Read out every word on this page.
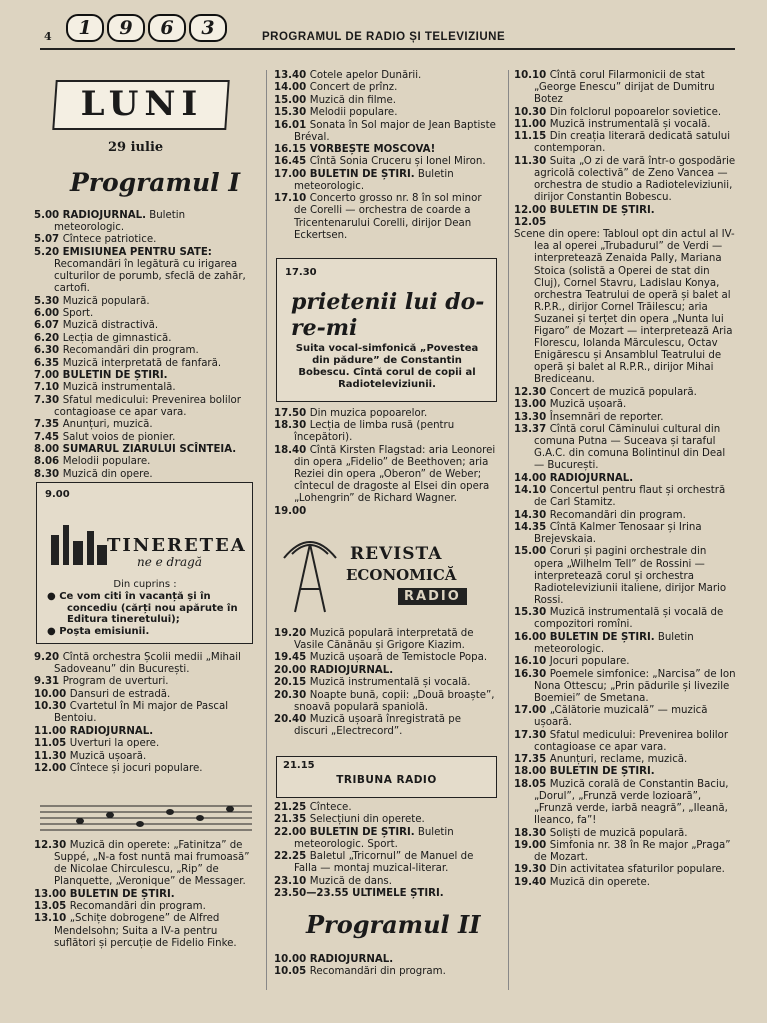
4	1	9	6	3	PROGRAMUL DE RADIO ȘI TELEVIZIUNE
LUNI
29 iulie
Programul I

5.00 RADIOJURNAL. Buletin meteorologic.

5.07 Cîntece patriotice.

5.20 EMISIUNEA PENTRU SATE: Recomandări în legătură cu irigarea culturilor de porumb, sfeclă de zahăr, cartofi.

5.30 Muzică populară.

6.00 Sport.

6.07 Muzică distractivă.

6.20 Lecția de gimnastică.

6.30 Recomandări din program.

6.35 Muzică interpretată de fanfară.

7.00 BULETIN DE ȘTIRI.

7.10 Muzică instrumentală.

7.30 Sfatul medicului: Prevenirea bolilor contagioase ce apar vara.

7.35 Anunțuri, muzică.

7.45 Salut voios de pionier.

8.00 SUMARUL ZIARULUI SCÎNTEIA.

8.06 Melodii populare.

8.30 Muzică din opere.

9.00
TINERETEA
ne e dragă
Din cuprins :
● Ce vom citi în vacanță și în concediu (cărți nou apărute în Editura tineretului);
● Poșta emisiunii.

9.20 Cîntă orchestra Școlii medii „Mihail Sadoveanu” din București.

9.31 Program de uverturi.

10.00 Dansuri de estradă.

10.30 Cvartetul în Mi major de Pascal Bentoiu.

11.00 RADIOJURNAL.

11.05 Uverturi la opere.

11.30 Muzică ușoară.

12.00 Cîntece și jocuri populare.

12.30 Muzică din operete: „Fatinitza” de Suppé, „N-a fost nuntă mai frumoasă” de Nicolae Chirculescu, „Rip” de Planquette, „Veronique” de Messager.

13.00 BULETIN DE ȘTIRI.

13.05 Recomandări din program.

13.10 „Schițe dobrogene” de Alfred Mendelsohn; Suita a IV-a pentru suflători și percuție de Fidelio Finke.

13.40 Cotele apelor Dunării.

14.00 Concert de prînz.

15.00 Muzică din filme.

15.30 Melodii populare.

16.01 Sonata în Sol major de Jean Baptiste Bréval.

16.15 VORBEȘTE MOSCOVA!

16.45 Cîntă Sonia Cruceru și Ionel Miron.

17.00 BULETIN DE ȘTIRI. Buletin meteorologic.

17.10 Concerto grosso nr. 8 în sol minor de Corelli — orchestra de coarde a Tricentenarului Corelli, dirijor Dean Eckertsen.

17.30
prietenii lui do-re-mi
Suita vocal-simfonică „Povestea din pădure” de Constantin Bobescu. Cîntă corul de copii al Radioteleviziunii.

17.50 Din muzica popoarelor.

18.30 Lecția de limba rusă (pentru începători).

18.40 Cîntă Kirsten Flagstad: aria Leonorei din opera „Fidelio” de Beethoven; aria Reziei din opera „Oberon” de Weber; cîntecul de dragoste al Elsei din opera „Lohengrin” de Richard Wagner.

19.00

REVISTA
ECONOMICĂ
RADIO

19.20 Muzică populară interpretată de Vasile Cănănău și Grigore Kiazim.

19.45 Muzică ușoară de Temistocle Popa.

20.00 RADIOJURNAL.

20.15 Muzică instrumentală și vocală.

20.30 Noapte bună, copii: „Două broaște”, snoavă populară spaniolă.

20.40 Muzică ușoară înregistrată pe discuri „Electrecord”.

21.15
TRIBUNA RADIO

21.25 Cîntece.

21.35 Selecțiuni din operete.

22.00 BULETIN DE ȘTIRI. Buletin meteorologic. Sport.

22.25 Baletul „Tricornul” de Manuel de Falla — montaj muzical-literar.

23.10 Muzică de dans.

23.50—23.55 ULTIMELE ȘTIRI.

Programul II

10.00 RADIOJURNAL.

10.05 Recomandări din program.

10.10 Cîntă corul Filarmonicii de stat „George Enescu” dirijat de Dumitru Botez

10.30 Din folclorul popoarelor sovietice.

11.00 Muzică instrumentală și vocală.

11.15 Din creația literară dedicată satului contemporan.

11.30 Suita „O zi de vară într-o gospodărie agricolă colectivă” de Zeno Vancea — orchestra de studio a Radioteleviziunii, dirijor Constantin Bobescu.

12.00 BULETIN DE ȘTIRI.

12.05

Scene din opere: Tabloul opt din actul al IV-lea al operei „Trubadurul” de Verdi — interpretează Zenaida Pally, Mariana Stoica (solistă a Operei de stat din Cluj), Cornel Stavru, Ladislau Konya, orchestra Teatrului de operă și balet al R.P.R., dirijor Cornel Trăilescu; aria Suzanei și terțet din opera „Nunta lui Figaro” de Mozart — interpretează Aria Florescu, Iolanda Mărculescu, Octav Enigărescu și Ansamblul Teatrului de operă și balet al R.P.R., dirijor Mihai Brediceanu.

12.30 Concert de muzică populară.

13.00 Muzică ușoară.

13.30 Însemnări de reporter.

13.37 Cîntă corul Căminului cultural din comuna Putna — Suceava și taraful G.A.C. din comuna Bolintinul din Deal — București.

14.00 RADIOJURNAL.

14.10 Concertul pentru flaut și orchestră de Carl Stamitz.

14.30 Recomandări din program.

14.35 Cîntă Kalmer Tenosaar și Irina Brejevskaia.

15.00 Coruri și pagini orchestrale din opera „Wilhelm Tell” de Rossini — interpretează corul și orchestra Radioteleviziunii italiene, dirijor Mario Rossi.

15.30 Muzică instrumentală și vocală de compozitori romîni.

16.00 BULETIN DE ȘTIRI. Buletin meteorologic.

16.10 Jocuri populare.

16.30 Poemele simfonice: „Narcisa” de Ion Nona Ottescu; „Prin pădurile și livezile Boemiei” de Smetana.

17.00 „Călătorie muzicală” — muzică ușoară.

17.30 Sfatul medicului: Prevenirea bolilor contagioase ce apar vara.

17.35 Anunțuri, reclame, muzică.

18.00 BULETIN DE ȘTIRI.

18.05 Muzică corală de Constantin Baciu, „Dorul”, „Frunză verde lozioară”, „Frunză verde, iarbă neagră”, „Ileană, Ileanco, fa”!

18.30 Soliști de muzică populară.

19.00 Simfonia nr. 38 în Re major „Praga” de Mozart.

19.30 Din activitatea sfaturilor populare.

19.40 Muzică din operete.
